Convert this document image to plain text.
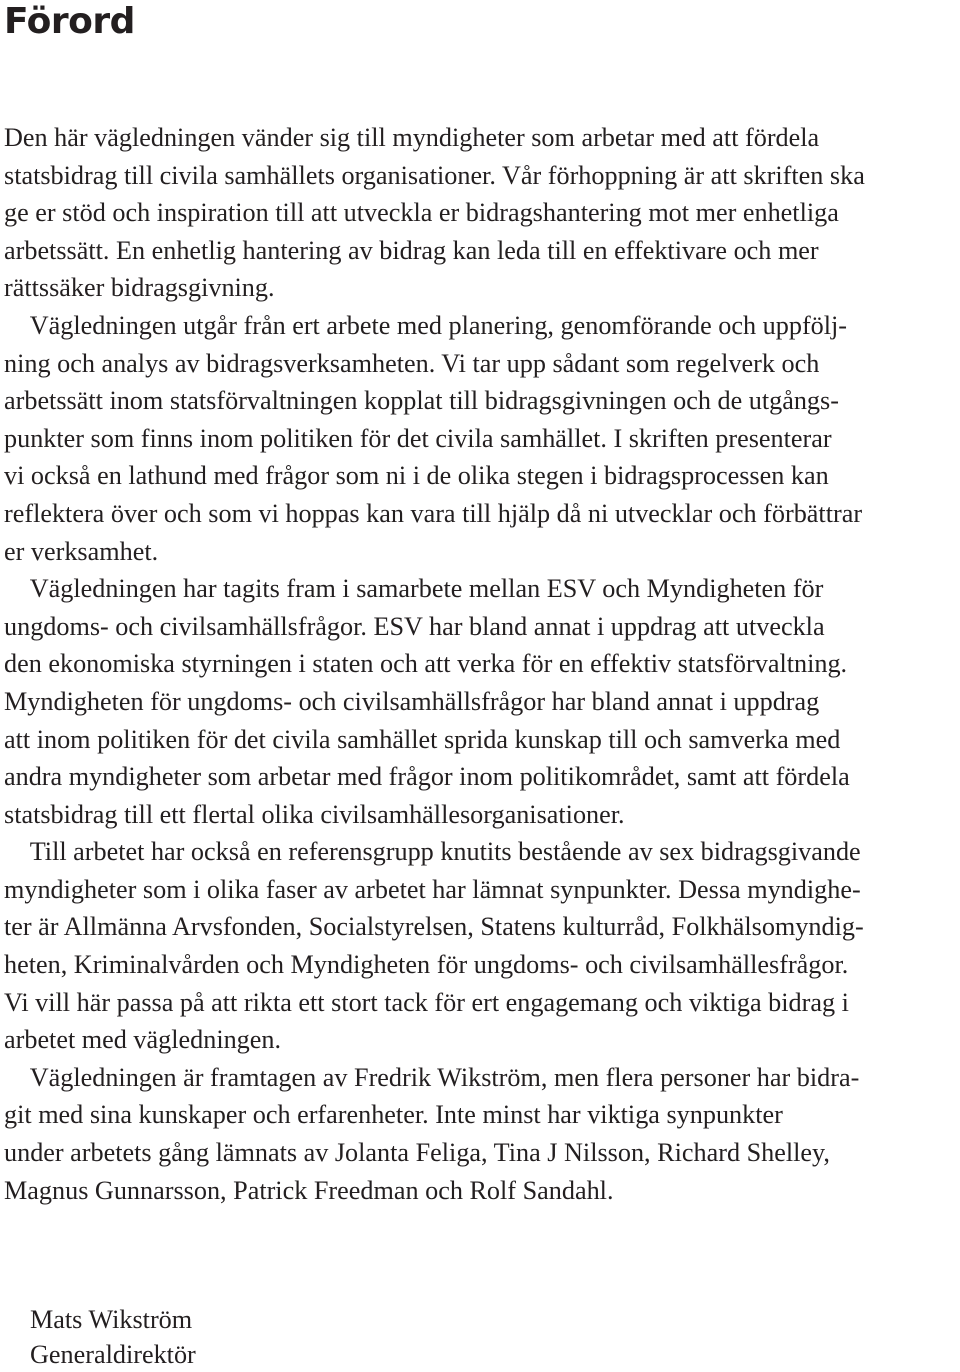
Förord
Den här vägledningen vänder sig till myndigheter som arbetar med att fördela
statsbidrag till civila samhällets organisationer. Vår förhoppning är att skriften ska
ge er stöd och inspiration till att utveckla er bidragshantering mot mer enhetliga
arbetssätt. En enhetlig hantering av bidrag kan leda till en effektivare och mer
rättssäker bidragsgivning.
Vägledningen utgår från ert arbete med planering, genomförande och uppfölj-
ning och analys av bidragsverksamheten. Vi tar upp sådant som regelverk och
arbetssätt inom statsförvaltningen kopplat till bidragsgivningen och de utgångs-
punkter som finns inom politiken för det civila samhället. I skriften presenterar
vi också en lathund med frågor som ni i de olika stegen i bidragsprocessen kan
reflektera över och som vi hoppas kan vara till hjälp då ni utvecklar och förbättrar
er verksamhet.
Vägledningen har tagits fram i samarbete mellan ESV och Myndigheten för
ungdoms- och civilsamhällsfrågor. ESV har bland annat i uppdrag att utveckla
den ekonomiska styrningen i staten och att verka för en effektiv statsförvaltning.
Myndigheten för ungdoms- och civilsamhällsfrågor har bland annat i uppdrag
att inom politiken för det civila samhället sprida kunskap till och samverka med
andra myndigheter som arbetar med frågor inom politikområdet, samt att fördela
statsbidrag till ett flertal olika civilsamhällesorganisationer.
Till arbetet har också en referensgrupp knutits bestående av sex bidragsgivande
myndigheter som i olika faser av arbetet har lämnat synpunkter. Dessa myndighe-
ter är Allmänna Arvsfonden, Socialstyrelsen, Statens kulturråd, Folkhälsomyndig-
heten, Kriminalvården och Myndigheten för ungdoms- och civilsamhällesfrågor.
Vi vill här passa på att rikta ett stort tack för ert engagemang och viktiga bidrag i
arbetet med vägledningen.
Vägledningen är framtagen av Fredrik Wikström, men flera personer har bidra-
git med sina kunskaper och erfarenheter. Inte minst har viktiga synpunkter
under arbetets gång lämnats av Jolanta Feliga, Tina J Nilsson, Richard Shelley,
Magnus Gunnarsson, Patrick Freedman och Rolf Sandahl.
Mats Wikström
Generaldirektör
